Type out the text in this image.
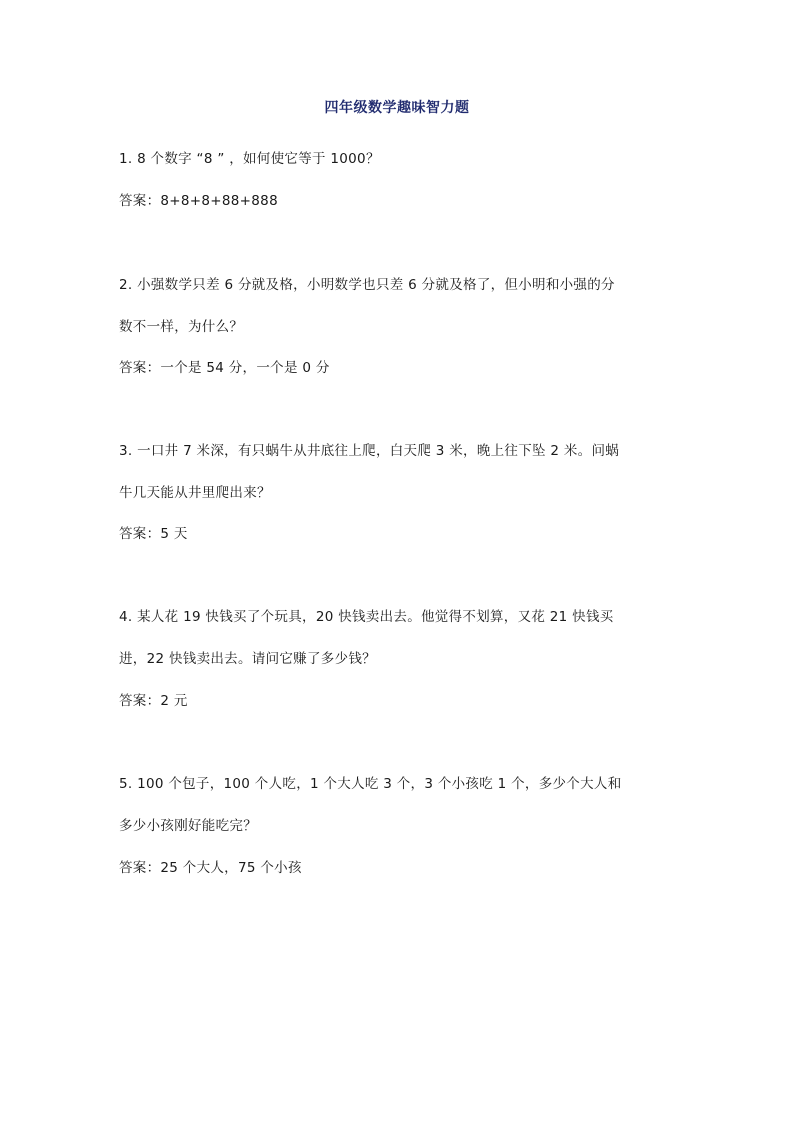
四年级数学趣味智力题
1. 8 个数字 “8 ” ，如何使它等于 1000？
答案：8+8+8+88+888
2. 小强数学只差 6 分就及格，小明数学也只差 6 分就及格了，但小明和小强的分
数不一样，为什么？
答案：一个是 54 分，一个是 0 分
3. 一口井 7 米深，有只蜗牛从井底往上爬，白天爬 3 米，晚上往下坠 2 米。问蜗
牛几天能从井里爬出来？
答案：5 天
4. 某人花 19 快钱买了个玩具，20 快钱卖出去。他觉得不划算，又花 21 快钱买
进，22 快钱卖出去。请问它赚了多少钱？
答案：2 元
5. 100 个包子，100 个人吃，1 个大人吃 3 个，3 个小孩吃 1 个，多少个大人和
多少小孩刚好能吃完？
答案：25 个大人，75 个小孩
